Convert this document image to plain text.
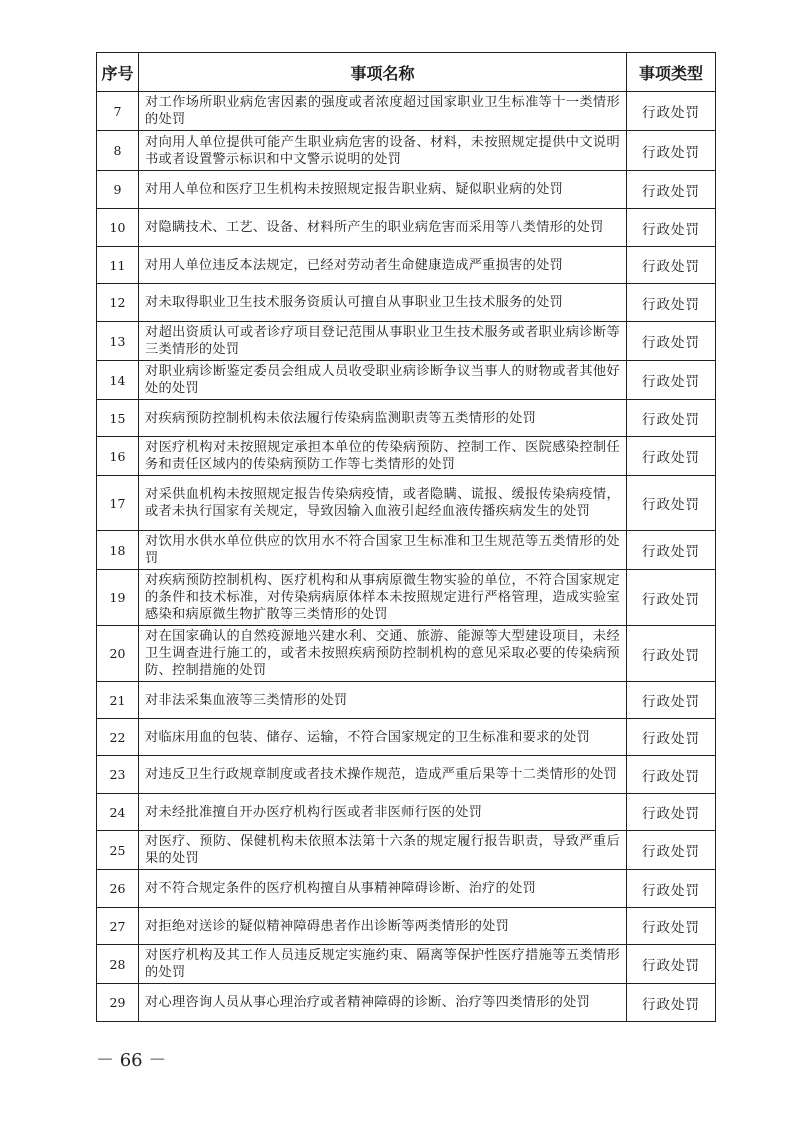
序号	事项名称	事项类型
7	对工作场所职业病危害因素的强度或者浓度超过国家职业卫生标准等十一类情形的处罚	行政处罚
8	对向用人单位提供可能产生职业病危害的设备、材料，未按照规定提供中文说明书或者设置警示标识和中文警示说明的处罚	行政处罚
9	对用人单位和医疗卫生机构未按照规定报告职业病、疑似职业病的处罚	行政处罚
10	对隐瞒技术、工艺、设备、材料所产生的职业病危害而采用等八类情形的处罚	行政处罚
11	对用人单位违反本法规定，已经对劳动者生命健康造成严重损害的处罚	行政处罚
12	对未取得职业卫生技术服务资质认可擅自从事职业卫生技术服务的处罚	行政处罚
13	对超出资质认可或者诊疗项目登记范围从事职业卫生技术服务或者职业病诊断等三类情形的处罚	行政处罚
14	对职业病诊断鉴定委员会组成人员收受职业病诊断争议当事人的财物或者其他好处的处罚	行政处罚
15	对疾病预防控制机构未依法履行传染病监测职责等五类情形的处罚	行政处罚
16	对医疗机构对未按照规定承担本单位的传染病预防、控制工作、医院感染控制任务和责任区域内的传染病预防工作等七类情形的处罚	行政处罚
17	对采供血机构未按照规定报告传染病疫情，或者隐瞒、谎报、缓报传染病疫情，或者未执行国家有关规定，导致因输入血液引起经血液传播疾病发生的处罚	行政处罚
18	对饮用水供水单位供应的饮用水不符合国家卫生标准和卫生规范等五类情形的处罚	行政处罚
19	对疾病预防控制机构、医疗机构和从事病原微生物实验的单位，不符合国家规定的条件和技术标准，对传染病病原体样本未按照规定进行严格管理，造成实验室感染和病原微生物扩散等三类情形的处罚	行政处罚
20	对在国家确认的自然疫源地兴建水利、交通、旅游、能源等大型建设项目，未经卫生调查进行施工的，或者未按照疾病预防控制机构的意见采取必要的传染病预防、控制措施的处罚	行政处罚
21	对非法采集血液等三类情形的处罚	行政处罚
22	对临床用血的包装、储存、运输，不符合国家规定的卫生标准和要求的处罚	行政处罚
23	对违反卫生行政规章制度或者技术操作规范，造成严重后果等十二类情形的处罚	行政处罚
24	对未经批准擅自开办医疗机构行医或者非医师行医的处罚	行政处罚
25	对医疗、预防、保健机构未依照本法第十六条的规定履行报告职责，导致严重后果的处罚	行政处罚
26	对不符合规定条件的医疗机构擅自从事精神障碍诊断、治疗的处罚	行政处罚
27	对拒绝对送诊的疑似精神障碍患者作出诊断等两类情形的处罚	行政处罚
28	对医疗机构及其工作人员违反规定实施约束、隔离等保护性医疗措施等五类情形的处罚	行政处罚
29	对心理咨询人员从事心理治疗或者精神障碍的诊断、治疗等四类情形的处罚	行政处罚
－ 66 －
